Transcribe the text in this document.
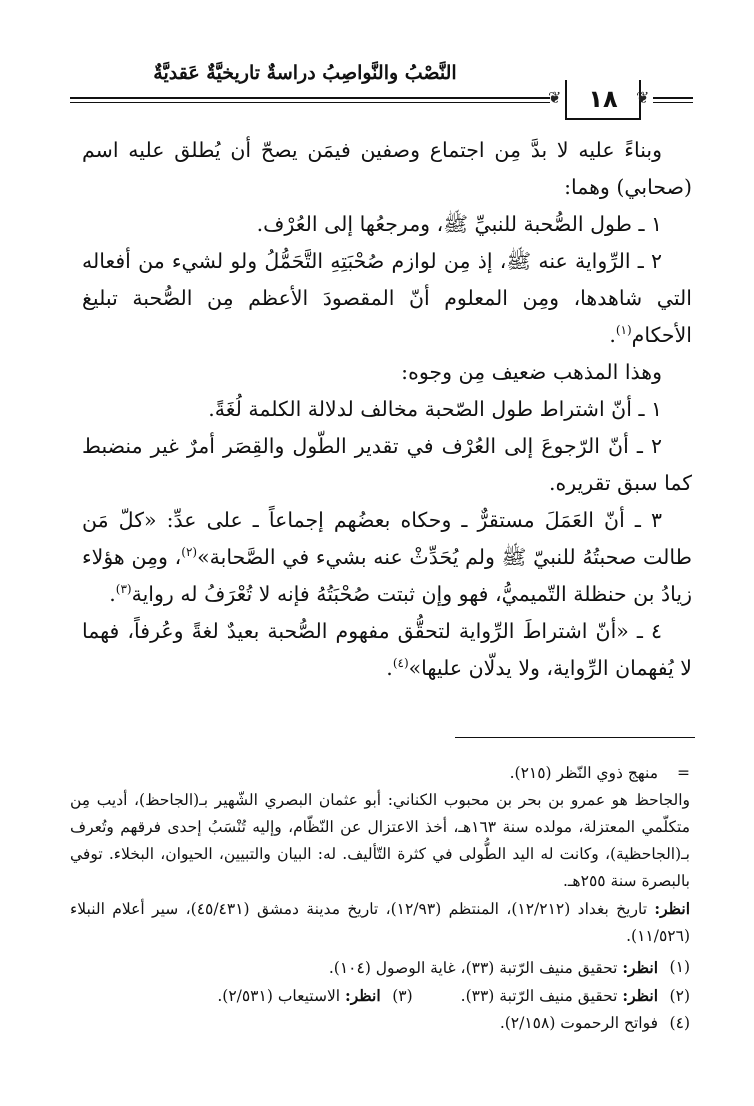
النَّصْبُ والنَّواصِبُ دراسةٌ تاريخيَّةٌ عَقديَّةٌ
❦ ١٨ ❦

وبناءً عليه لا بدَّ مِن اجتماع وصفين فيمَن يصحّ أن يُطلق عليه اسم (صحابي) وهما:

١ ـ طول الصُّحبة للنبيِّ ﷺ، ومرجعُها إلى العُرْف.

٢ ـ الرِّواية عنه ﷺ، إذ مِن لوازم صُحْبَتِهِ التَّحَمُّلُ ولو لشيء من أفعاله التي شاهدها، ومِن المعلوم أنّ المقصودَ الأعظم مِن الصُّحبة تبليغ الأحكام$^{(١)}$.

وهذا المذهب ضعيف مِن وجوه:

١ ـ أنّ اشتراط طول الصّحبة مخالف لدلالة الكلمة لُغَةً.

٢ ـ أنّ الرّجوعَ إلى العُرْف في تقدير الطّول والقِصَر أمرٌ غير منضبط كما سبق تقريره.

٣ ـ أنّ العَمَلَ مستقرٌّ ـ وحكاه بعضُهم إجماعاً ـ على عدِّ: «كلّ مَن طالت صحبتُهُ للنبيّ ﷺ ولم يُحَدِّثْ عنه بشيء في الصَّحابة»$^{(٢)}$، ومِن هؤلاء زيادُ بن حنظلة التّميميُّ، فهو وإن ثبتت صُحْبَتُهُ فإنه لا تُعْرَفُ له رواية$^{(٣)}$.

٤ ـ «أنّ اشتراطَ الرِّواية لتحقُّق مفهوم الصُّحبة بعيدٌ لغةً وعُرفاً، فهما لا يُفهمان الرِّواية، ولا يدلّان عليها»$^{(٤)}$.

=
منهج ذوي النّظر (٢١٥).

والجاحظ هو عمرو بن بحر بن محبوب الكناني: أبو عثمان البصري الشّهير بـ(الجاحظ)، أديب مِن متكلّمي المعتزلة، مولده سنة ١٦٣هـ، أخذ الاعتزال عن النّظّام، وإليه تُنْسَبُ إحدى فرقهم وتُعرف بـ(الجاحظية)، وكانت له اليد الطُّولى في كثرة التّأليف. له: البيان والتبيين، الحيوان، البخلاء. توفي بالبصرة سنة ٢٥٥هـ.

انظر: تاريخ بغداد (١٢/٢١٢)، المنتظم (١٢/٩٣)، تاريخ مدينة دمشق (٤٥/٤٣١)، سير أعلام النبلاء (١١/٥٢٦).

(١)
انظر: تحقيق منيف الرّتبة (٣٣)، غاية الوصول (١٠٤).
(٢)انظر: تحقيق منيف الرّتبة (٣٣).
(٣)انظر: الاستيعاب (٢/٥٣١).
(٤)
فواتح الرحموت (٢/١٥٨).
